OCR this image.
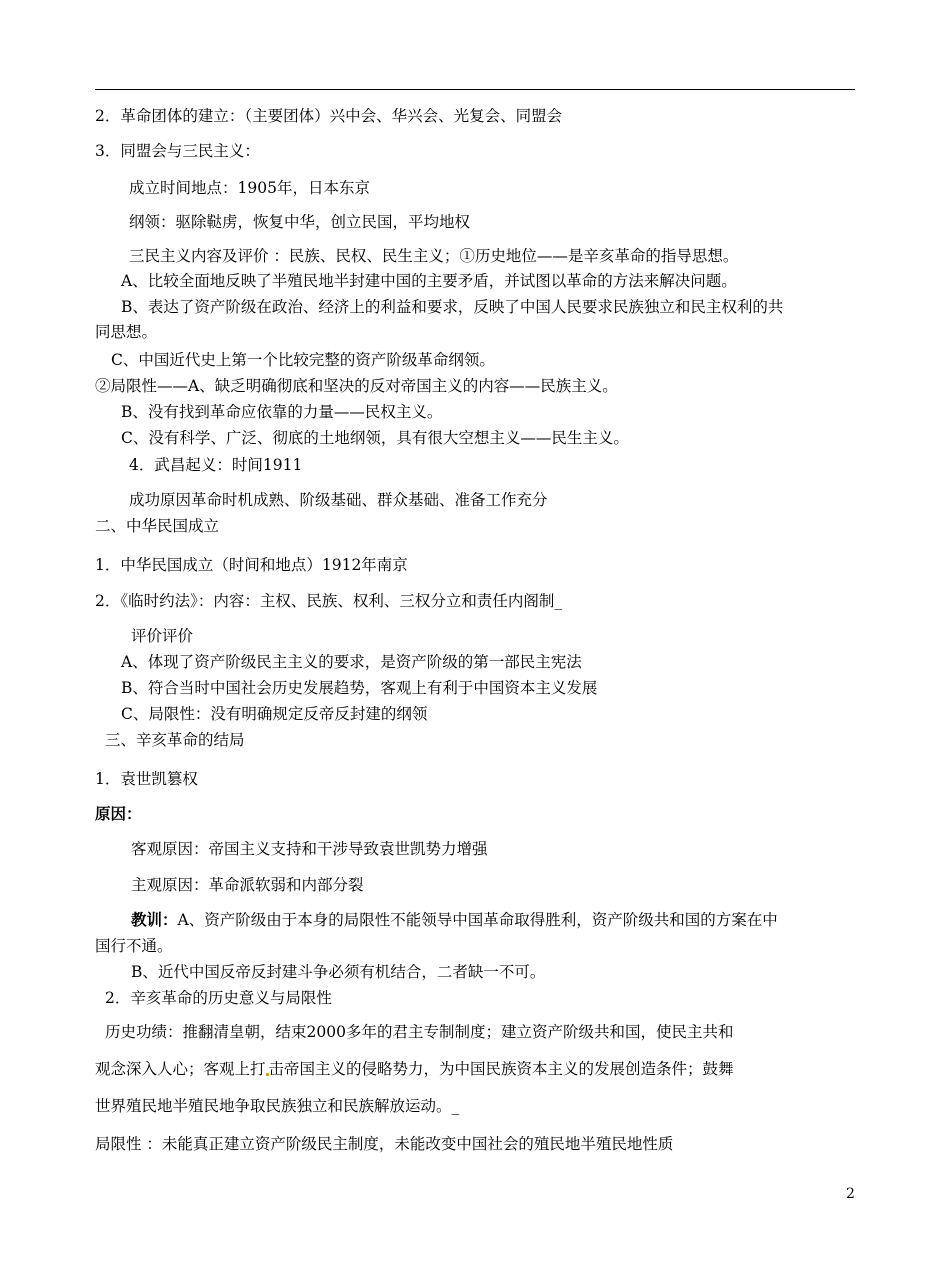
2．革命团体的建立：（主要团体）兴中会、华兴会、光复会、同盟会
3．同盟会与三民主义：
成立时间地点：1905年，日本东京
纲领：驱除鞑虏，恢复中华，创立民国，平均地权
三民主义内容及评价 ：民族、民权、民生主义；①历史地位——是辛亥革命的指导思想。
A、比较全面地反映了半殖民地半封建中国的主要矛盾，并试图以革命的方法来解决问题。
B、表达了资产阶级在政治、经济上的利益和要求，反映了中国人民要求民族独立和民主权利的共
同思想。
C、中国近代史上第一个比较完整的资产阶级革命纲领。
②局限性——A、缺乏明确彻底和坚决的反对帝国主义的内容——民族主义。
B、没有找到革命应依靠的力量——民权主义。
C、没有科学、广泛、彻底的土地纲领，具有很大空想主义——民生主义。
4．武昌起义：时间1911
成功原因革命时机成熟、阶级基础、群众基础、准备工作充分
二、中华民国成立
1．中华民国成立（时间和地点）1912年南京
2．《临时约法》：内容：主权、民族、权利、三权分立和责任内阁制_
评价评价
A、体现了资产阶级民主主义的要求，是资产阶级的第一部民主宪法
B、符合当时中国社会历史发展趋势，客观上有利于中国资本主义发展
C、局限性：没有明确规定反帝反封建的纲领
三、辛亥革命的结局
1．袁世凯篡权
原因：
客观原因：帝国主义支持和干涉导致袁世凯势力增强
主观原因：革命派软弱和内部分裂
教训：A、资产阶级由于本身的局限性不能领导中国革命取得胜利，资产阶级共和国的方案在中
国行不通。
B、近代中国反帝反封建斗争必须有机结合，二者缺一不可。
2．辛亥革命的历史意义与局限性
历史功绩：推翻清皇朝，结束2000多年的君主专制制度；建立资产阶级共和国，使民主共和
观念深入人心；客观上打 击帝国主义的侵略势力，为中国民族资本主义的发展创造条件；鼓舞
世界殖民地半殖民地争取民族独立和民族解放运动。_
局限性 ：未能真正建立资产阶级民主制度，未能改变中国社会的殖民地半殖民地性质
2
